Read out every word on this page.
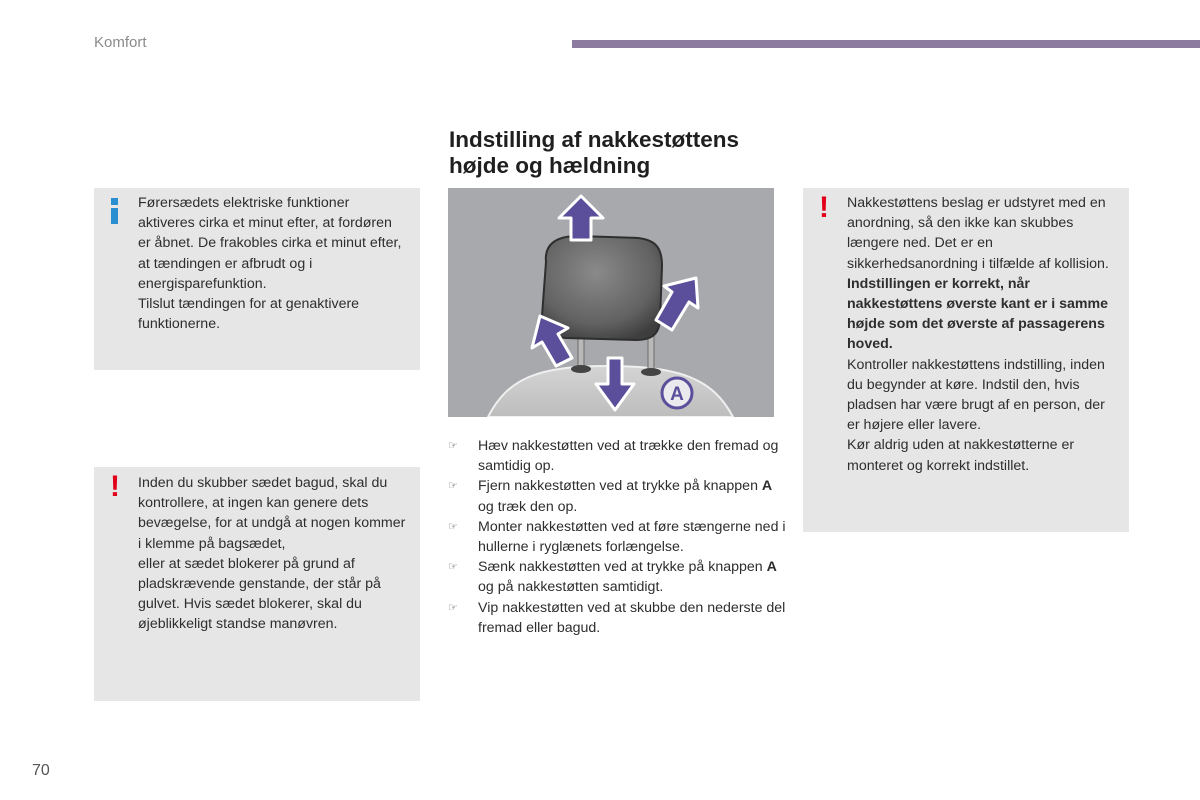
Komfort

Førersædets elektriske funktioner aktiveres cirka et minut efter, at fordøren er åbnet. De frakobles cirka et minut efter, at tændingen er afbrudt og i energisparefunktion.

Tilslut tændingen for at genaktivere funktionerne.

! Inden du skubber sædet bagud, skal du kontrollere, at ingen kan genere dets bevægelse, for at undgå at nogen kommer i klemme på bagsædet,

eller at sædet blokerer på grund af pladskrævende genstande, der står på gulvet. Hvis sædet blokerer, skal du øjeblikkeligt standse manøvren.

Indstilling af nakkestøttens
højde og hældning
A
☞ Hæv nakkestøtten ved at trække den fremad og samtidig op.
☞ Fjern nakkestøtten ved at trykke på knappen A og træk den op.
☞ Monter nakkestøtten ved at føre stængerne ned i hullerne i ryglænets forlængelse.
☞ Sænk nakkestøtten ved at trykke på knappen A og på nakkestøtten samtidigt.
☞ Vip nakkestøtten ved at skubbe den nederste del fremad eller bagud.
! Nakkestøttens beslag er udstyret med en anordning, så den ikke kan skubbes længere ned. Det er en sikkerhedsanordning i tilfælde af kollision.

Indstillingen er korrekt, når nakkestøttens øverste kant er i samme højde som det øverste af passagerens hoved.

Kontroller nakkestøttens indstilling, inden du begynder at køre. Indstil den, hvis pladsen har være brugt af en person, der er højere eller lavere.

Kør aldrig uden at nakkestøtterne er monteret og korrekt indstillet.

70
